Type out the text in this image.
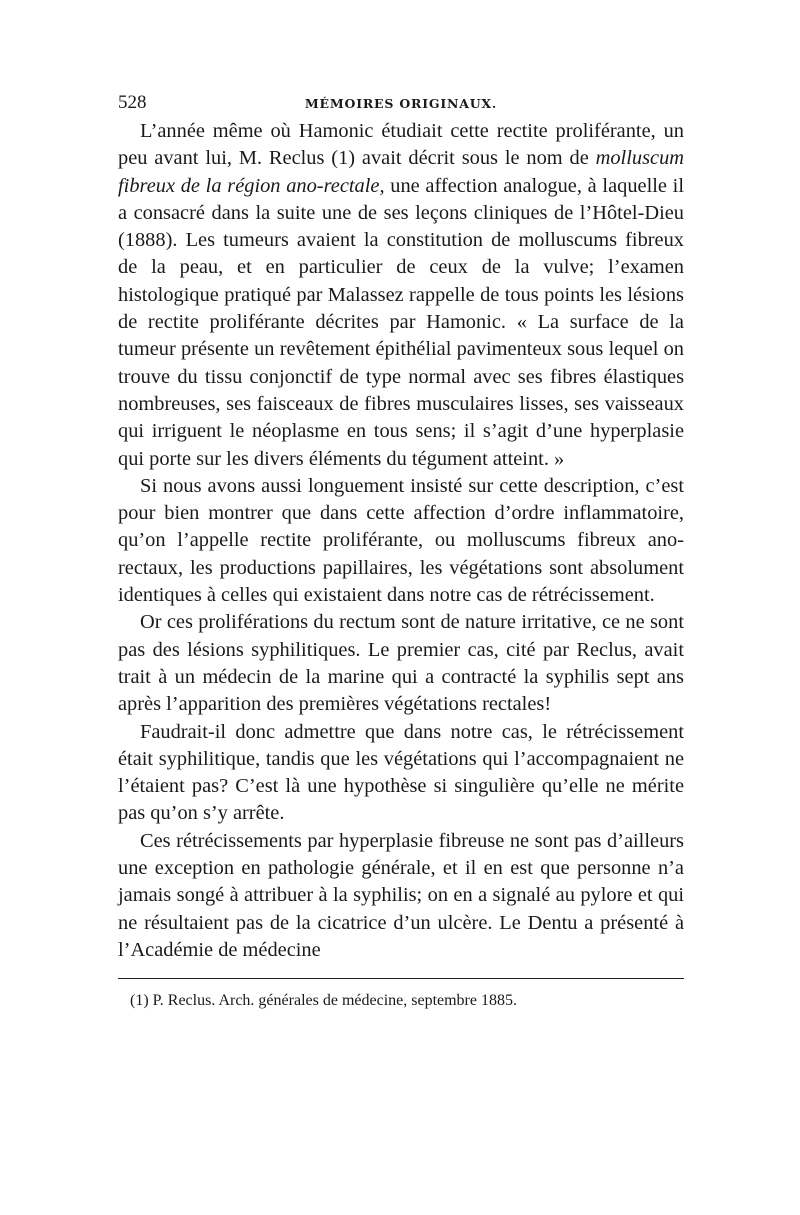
528	MÉMOIRES ORIGINAUX.

L’année même où Hamonic étudiait cette rectite proliférante, un peu avant lui, M. Reclus (1) avait décrit sous le nom de molluscum fibreux de la région ano-rectale, une affection analogue, à laquelle il a consacré dans la suite une de ses leçons cliniques de l’Hôtel-Dieu (1888). Les tumeurs avaient la constitution de molluscums fibreux de la peau, et en particulier de ceux de la vulve; l’examen histologique pratiqué par Malassez rappelle de tous points les lésions de rectite proliférante décrites par Hamonic. « La surface de la tumeur présente un revêtement épithélial pavimenteux sous lequel on trouve du tissu conjonctif de type normal avec ses fibres élastiques nombreuses, ses faisceaux de fibres musculaires lisses, ses vaisseaux qui irriguent le néoplasme en tous sens; il s’agit d’une hyperplasie qui porte sur les divers éléments du tégument atteint. »

Si nous avons aussi longuement insisté sur cette description, c’est pour bien montrer que dans cette affection d’ordre inflammatoire, qu’on l’appelle rectite proliférante, ou molluscums fibreux ano-rectaux, les productions papillaires, les végétations sont absolument identiques à celles qui existaient dans notre cas de rétrécissement.

Or ces proliférations du rectum sont de nature irritative, ce ne sont pas des lésions syphilitiques. Le premier cas, cité par Reclus, avait trait à un médecin de la marine qui a contracté la syphilis sept ans après l’apparition des premières végétations rectales!

Faudrait-il donc admettre que dans notre cas, le rétrécissement était syphilitique, tandis que les végétations qui l’accompagnaient ne l’étaient pas? C’est là une hypothèse si singulière qu’elle ne mérite pas qu’on s’y arrête.

Ces rétrécissements par hyperplasie fibreuse ne sont pas d’ailleurs une exception en pathologie générale, et il en est que personne n’a jamais songé à attribuer à la syphilis; on en a signalé au pylore et qui ne résultaient pas de la cicatrice d’un ulcère. Le Dentu a présenté à l’Académie de médecine

(1) P. Reclus. Arch. générales de médecine, septembre 1885.
